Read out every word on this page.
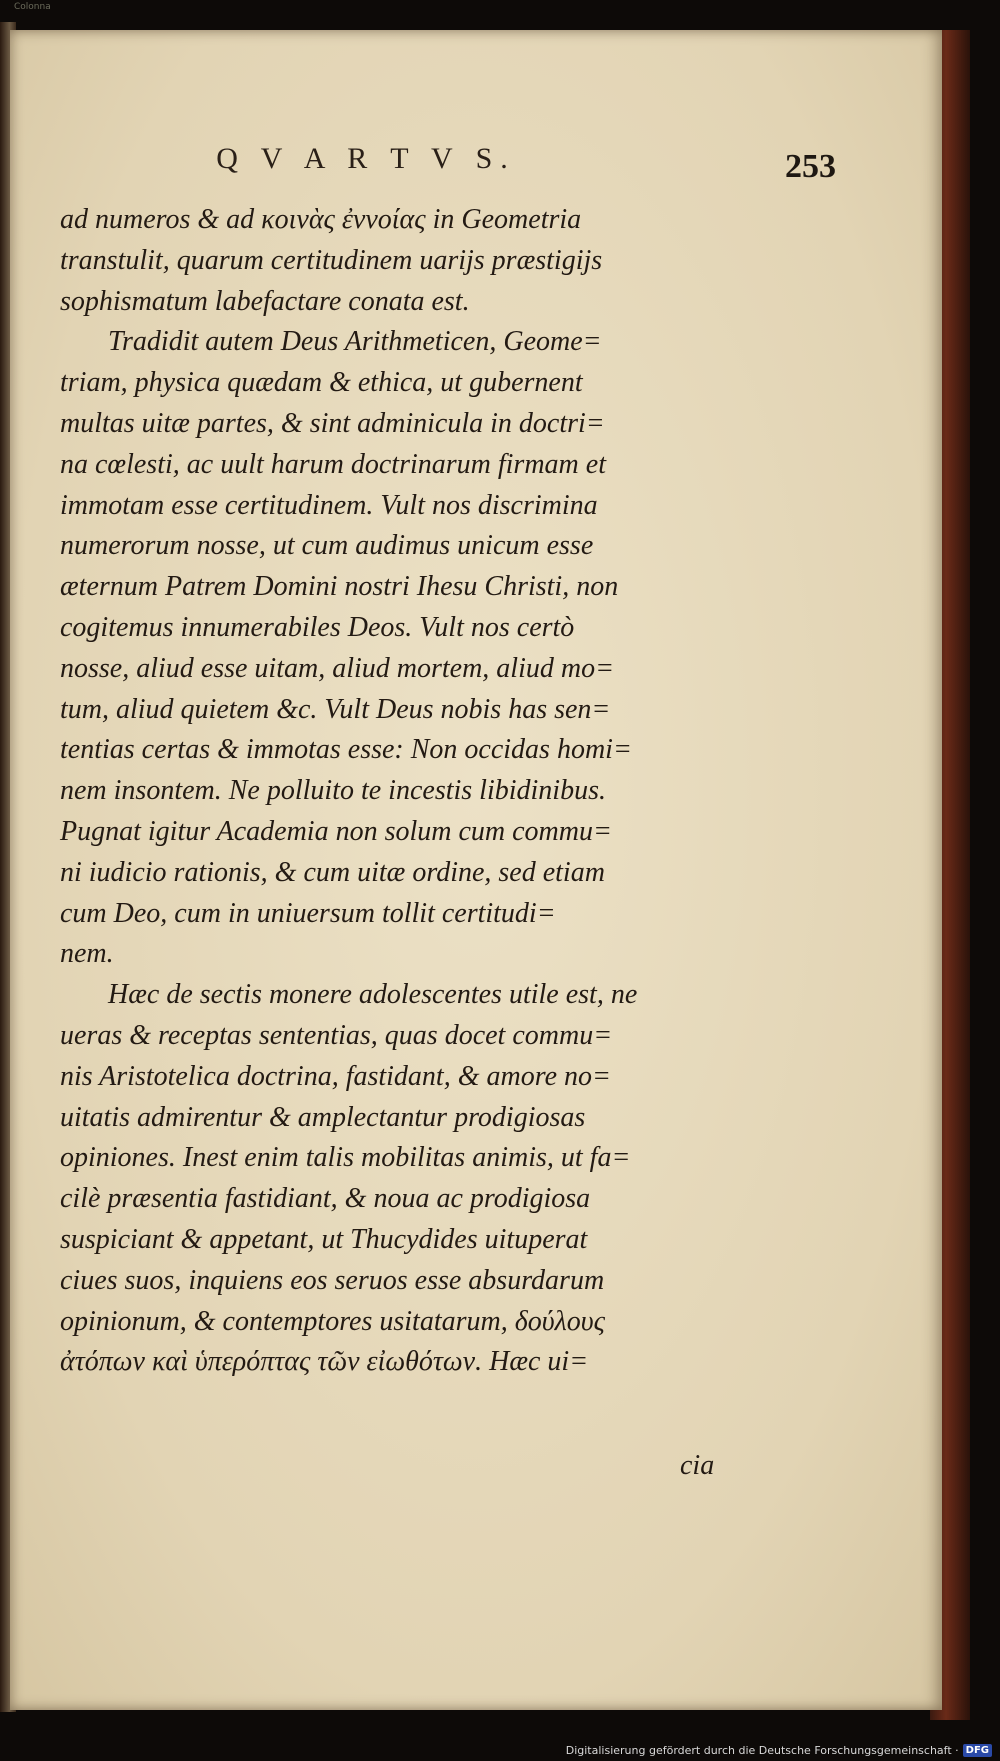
Colonna
Q V A R T V S.	253
ad numeros & ad κοινὰς ἐννοίας in Geometria
transtulit, quarum certitudinem uarijs præstigijs
sophismatum labefactare conata est.
Tradidit autem Deus Arithmeticen, Geome=
triam, physica quædam & ethica, ut gubernent
multas uitæ partes, & sint adminicula in doctri=
na cœlesti, ac uult harum doctrinarum firmam et
immotam esse certitudinem. Vult nos discrimina
numerorum nosse, ut cum audimus unicum esse
æternum Patrem Domini nostri Ihesu Christi, non
cogitemus innumerabiles Deos. Vult nos certò
nosse, aliud esse uitam, aliud mortem, aliud mo=
tum, aliud quietem &c. Vult Deus nobis has sen=
tentias certas & immotas esse: Non occidas homi=
nem insontem. Ne polluito te incestis libidinibus.
Pugnat igitur Academia non solum cum commu=
ni iudicio rationis, & cum uitæ ordine, sed etiam
cum Deo, cum in uniuersum tollit certitudi=
nem.
Hæc de sectis monere adolescentes utile est, ne
ueras & receptas sententias, quas docet commu=
nis Aristotelica doctrina, fastidant, & amore no=
uitatis admirentur & amplectantur prodigiosas
opiniones. Inest enim talis mobilitas animis, ut fa=
cilè præsentia fastidiant, & noua ac prodigiosa
suspiciant & appetant, ut Thucydides uituperat
ciues suos, inquiens eos seruos esse absurdarum
opinionum, & contemptores usitatarum, δούλους
ἀτόπων καὶ ὑπερόπτας τῶν εἰωθότων. Hæc ui=
cia
Digitalisierung gefördert durch die Deutsche Forschungsgemeinschaft · DFG
